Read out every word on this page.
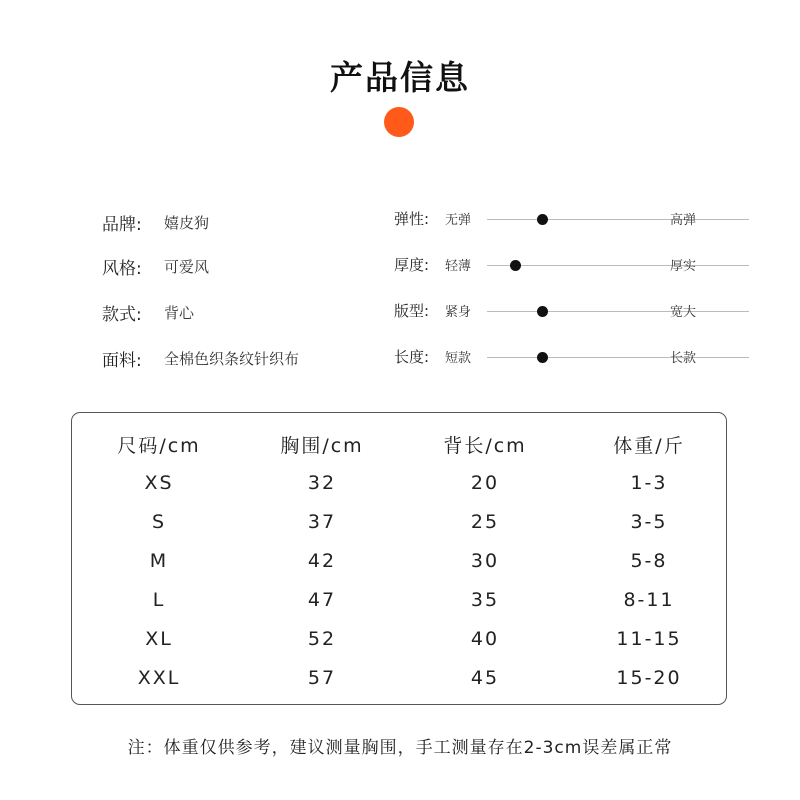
产品信息
品牌:	嬉皮狗
风格:	可爱风
款式:	背心
面料:	全棉色织条纹针织布
弹性: 无弹	高弹
厚度: 轻薄	厚实
版型: 紧身	宽大
长度: 短款	长款
尺码/cm	胸围/cm	背长/cm	体重/斤
XS	32	20	1-3
S	37	25	3-5
M	42	30	5-8
L	47	35	8-11
XL	52	40	11-15
XXL	57	45	15-20
注：体重仅供参考，建议测量胸围，手工测量存在2-3cm误差属正常
